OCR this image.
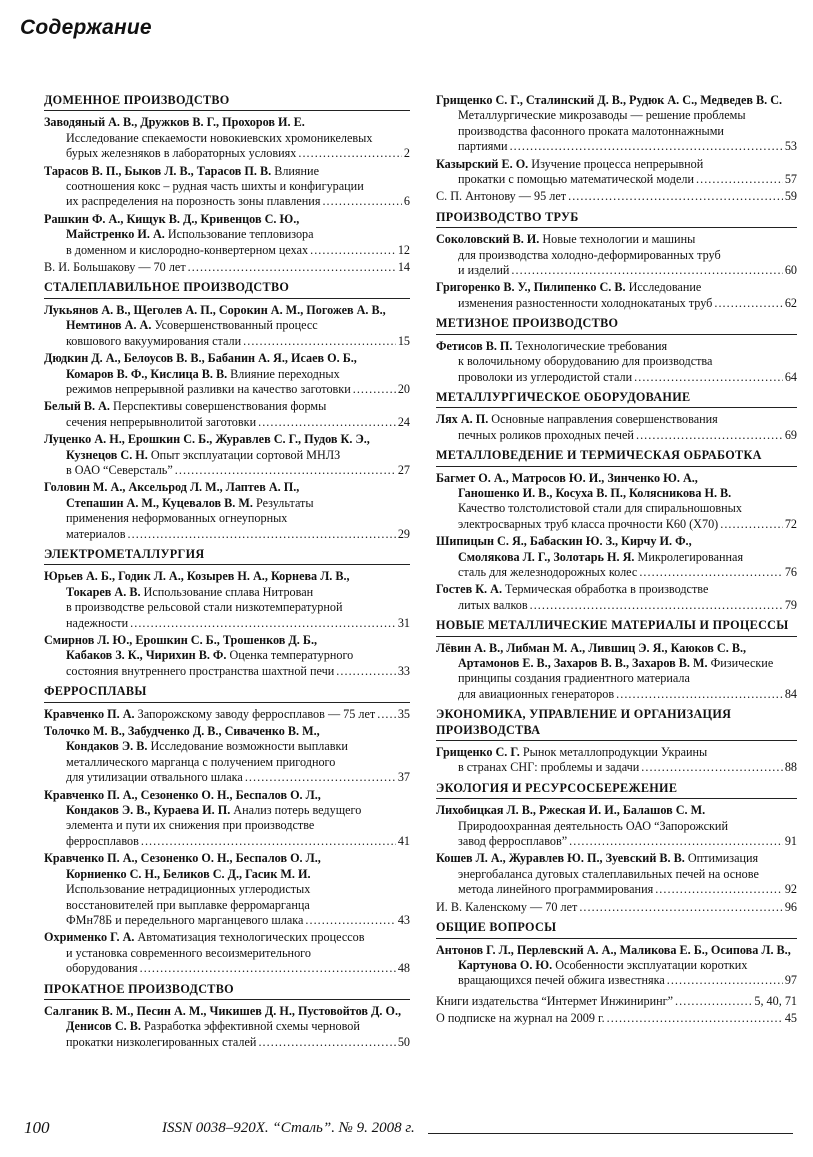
Содержание
ДОМЕННОЕ ПРОИЗВОДСТВО
Заводяный А. В., Дружков В. Г., Прохоров И. Е.
Исследование спекаемости новокиевских хромоникелевых
бурых железняков в лабораторных условиях . . .	2
Тарасов В. П., Быков Л. В., Тарасов П. В. Влияние
соотношения кокс – рудная часть шихты и конфигурации
их распределения на порозность зоны плавления . . .	6
Рашкин Ф. А., Кищук В. Д., Кривенцов С. Ю.,
Майстренко И. А. Использование тепловизора
в доменном и кислородно-конвертерном цехах . . .	12
В. И. Большакову — 70 лет . . .	14
СТАЛЕПЛАВИЛЬНОЕ ПРОИЗВОДСТВО
Лукьянов А. В., Щеголев А. П., Сорокин А. М., Погожев А. В.,
Немтинов А. А. Усовершенствованный процесс
ковшового вакуумирования стали . . .	15
Дюдкин Д. А., Белоусов В. В., Бабанин А. Я., Исаев О. Б.,
Комаров В. Ф., Кислица В. В. Влияние переходных
режимов непрерывной разливки на качество заготовки . . .	20
Белый В. А. Перспективы совершенствования формы
сечения непрерывнолитой заготовки . . .	24
Луценко А. Н., Ерошкин С. Б., Журавлев С. Г., Пудов К. Э.,
Кузнецов С. Н. Опыт эксплуатации сортовой МНЛЗ
в ОАО “Северсталь” . . .	27
Головин М. А., Аксельрод Л. М., Лаптев А. П.,
Степашин А. М., Куцевалов В. М. Результаты
применения неформованных огнеупорных
материалов . . .	29
ЭЛЕКТРОМЕТАЛЛУРГИЯ
Юрьев А. Б., Годик Л. А., Козырев Н. А., Корнева Л. В.,
Токарев А. В. Использование сплава Нитрован
в производстве рельсовой стали низкотемпературной
надежности . . .	31
Смирнов Л. Ю., Ерошкин С. Б., Трошенков Д. Б.,
Кабаков З. К., Чирихин В. Ф. Оценка температурного
состояния внутреннего пространства шахтной печи . . .	33
ФЕРРОСПЛАВЫ
Кравченко П. А. Запорожскому заводу ферросплавов — 75 лет . . . 35
Толочко М. В., Забудченко Д. В., Сиваченко В. М.,
Кондаков Э. В. Исследование возможности выплавки
металлического марганца с получением пригодного
для утилизации отвального шлака . . .	37
Кравченко П. А., Сезоненко О. Н., Беспалов О. Л.,
Кондаков Э. В., Кураева И. П. Анализ потерь ведущего
элемента и пути их снижения при производстве
ферросплавов . . .	41
Кравченко П. А., Сезоненко О. Н., Беспалов О. Л.,
Корниенко С. Н., Беликов С. Д., Гасик М. И.
Использование нетрадиционных углеродистых
восстановителей при выплавке ферромарганца
ФМн78Б и передельного марганцевого шлака . . .	43
Охрименко Г. А. Автоматизация технологических процессов
и установка современного весоизмерительного
оборудования . . .	48
ПРОКАТНОЕ ПРОИЗВОДСТВО
Салганик В. М., Песин А. М., Чикишев Д. Н., Пустовойтов Д. О.,
Денисов С. В. Разработка эффективной схемы черновой
прокатки низколегированных сталей . . .	50
Грищенко С. Г., Сталинский Д. В., Рудюк А. С., Медведев В. С.
Металлургические микрозаводы — решение проблемы
производства фасонного проката малотоннажными
партиями . . .	53
Казырский Е. О. Изучение процесса непрерывной
прокатки с помощью математической модели . . .	57
С. П. Антонову — 95 лет . . .	59
ПРОИЗВОДСТВО ТРУБ
Соколовский В. И. Новые технологии и машины
для производства холодно-деформированных труб
и изделий . . .	60
Григоренко В. У., Пилипенко С. В. Исследование
изменения разностенности холоднокатаных труб . . .	62
МЕТИЗНОЕ ПРОИЗВОДСТВО
Фетисов В. П. Технологические требования
к волочильному оборудованию для производства
проволоки из углеродистой стали . . .	64
МЕТАЛЛУРГИЧЕСКОЕ ОБОРУДОВАНИЕ
Лях А. П. Основные направления совершенствования
печных роликов проходных печей . . .	69
МЕТАЛЛОВЕДЕНИЕ И ТЕРМИЧЕСКАЯ ОБРАБОТКА
Багмет О. А., Матросов Ю. И., Зинченко Ю. А.,
Ганошенко И. В., Косуха В. П., Колясникова Н. В.
Качество толстолистовой стали для спиральношовных
электросварных труб класса прочности К60 (Х70) . . .	72
Шипицын С. Я., Бабаскин Ю. З., Кирчу И. Ф.,
Смолякова Л. Г., Золотарь Н. Я. Микролегированная
сталь для железнодорожных колес . . .	76
Гостев К. А. Термическая обработка в производстве
литых валков . . .	79
НОВЫЕ МЕТАЛЛИЧЕСКИЕ МАТЕРИАЛЫ И ПРОЦЕССЫ
Лёвин А. В., Либман М. А., Лившиц Э. Я., Каюков С. В.,
Артамонов Е. В., Захаров В. В., Захаров В. М. Физические
принципы создания градиентного материала
для авиационных генераторов . . .	84
ЭКОНОМИКА, УПРАВЛЕНИЕ И ОРГАНИЗАЦИЯ
ПРОИЗВОДСТВА
Грищенко С. Г. Рынок металлопродукции Украины
в странах СНГ: проблемы и задачи . . .	88
ЭКОЛОГИЯ И РЕСУРСОСБЕРЕЖЕНИЕ
Лихобицкая Л. В., Ржеская И. И., Балашов С. М.
Природоохранная деятельность ОАО “Запорожский
завод ферросплавов” . . .	91
Кошев Л. А., Журавлев Ю. П., Зуевский В. В. Оптимизация
энергобаланса дуговых сталеплавильных печей на основе
метода линейного программирования . . .	92
И. В. Каленскому — 70 лет . . .	96
ОБЩИЕ ВОПРОСЫ
Антонов Г. Л., Перлевский А. А., Маликова Е. Б., Осипова Л. В.,
Картунова О. Ю. Особенности эксплуатации коротких
вращающихся печей обжига известняка . . .	97
Книги издательства “Интермет Инжиниринг” . . .	5, 40, 71
О подписке на журнал на 2009 г. . . .	45
100	ISSN 0038–920X. “Сталь”. № 9. 2008 г.
